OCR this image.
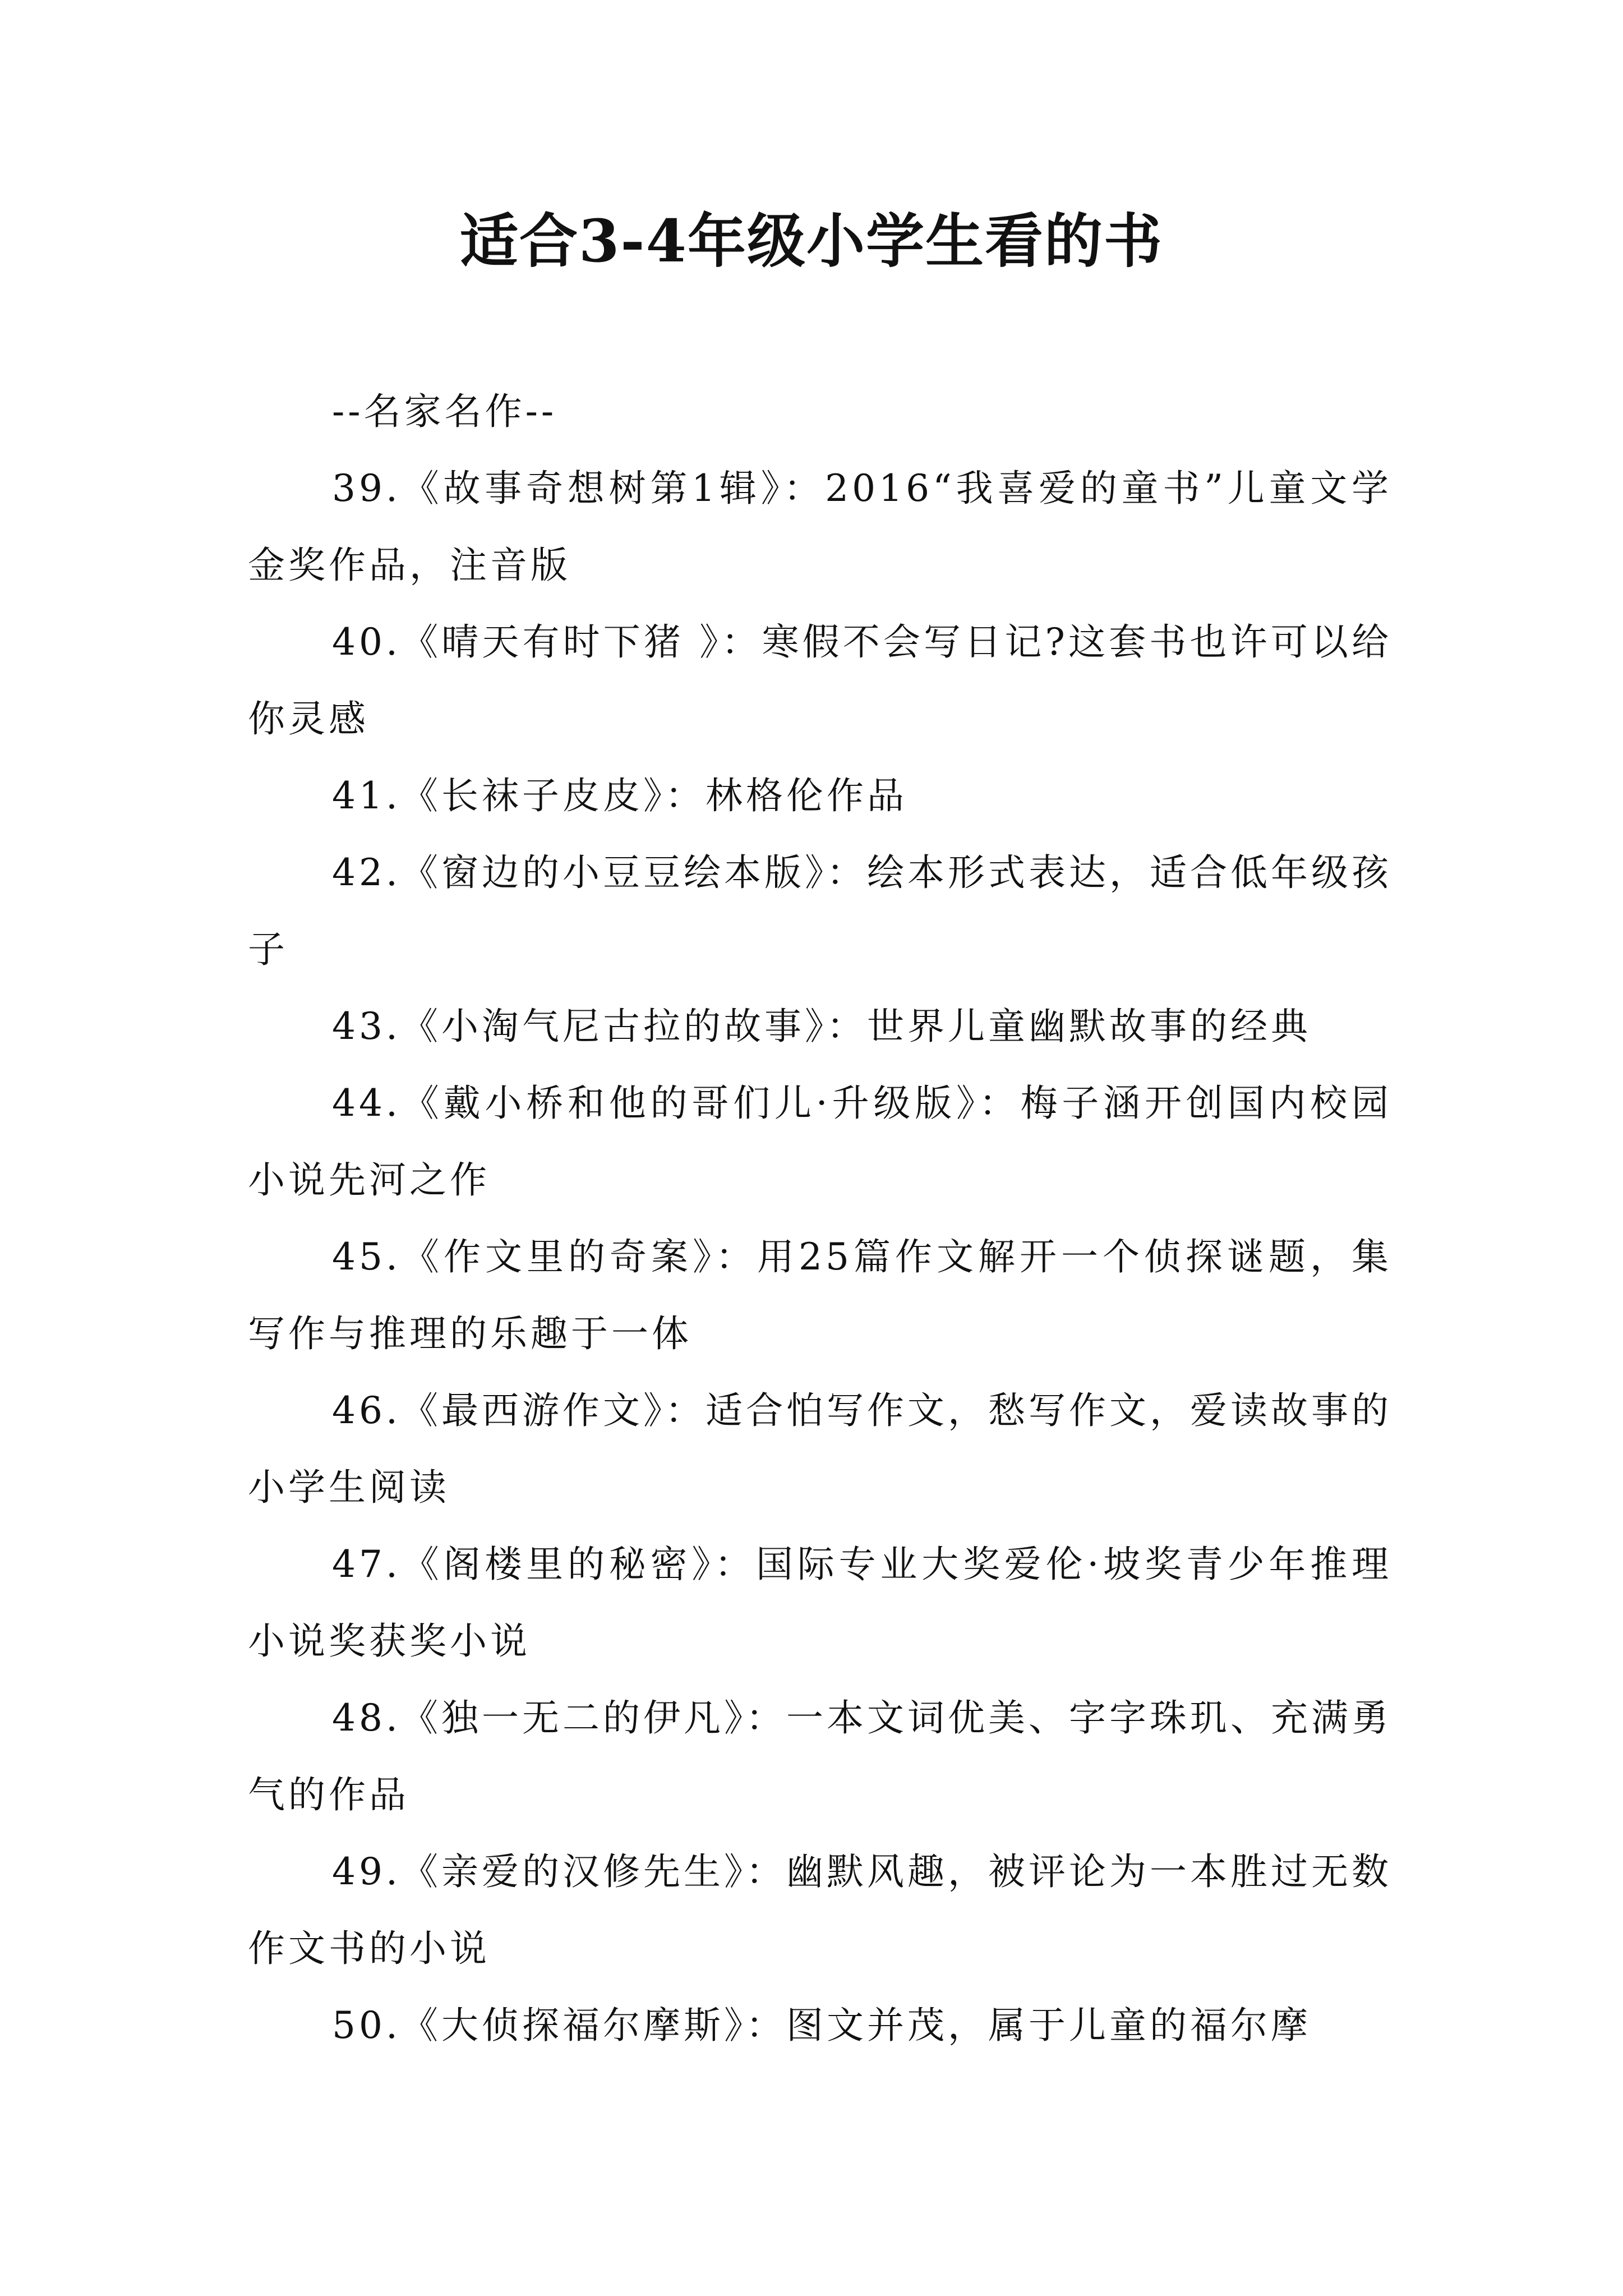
适合3-4年级小学生看的书

--名家名作--

39.《故事奇想树第1辑》：2016“我喜爱的童书”儿童文学金奖作品，注音版

40.《晴天有时下猪 》：寒假不会写日记?这套书也许可以给你灵感

41.《长袜子皮皮》：林格伦作品

42.《窗边的小豆豆绘本版》：绘本形式表达，适合低年级孩子

43.《小淘气尼古拉的故事》：世界儿童幽默故事的经典

44.《戴小桥和他的哥们儿·升级版》：梅子涵开创国内校园小说先河之作

45.《作文里的奇案》：用25篇作文解开一个侦探谜题，集写作与推理的乐趣于一体

46.《最西游作文》：适合怕写作文，愁写作文，爱读故事的小学生阅读

47.《阁楼里的秘密》：国际专业大奖爱伦·坡奖青少年推理小说奖获奖小说

48.《独一无二的伊凡》：一本文词优美、字字珠玑、充满勇气的作品

49.《亲爱的汉修先生》：幽默风趣，被评论为一本胜过无数作文书的小说

50.《大侦探福尔摩斯》：图文并茂，属于儿童的福尔摩
